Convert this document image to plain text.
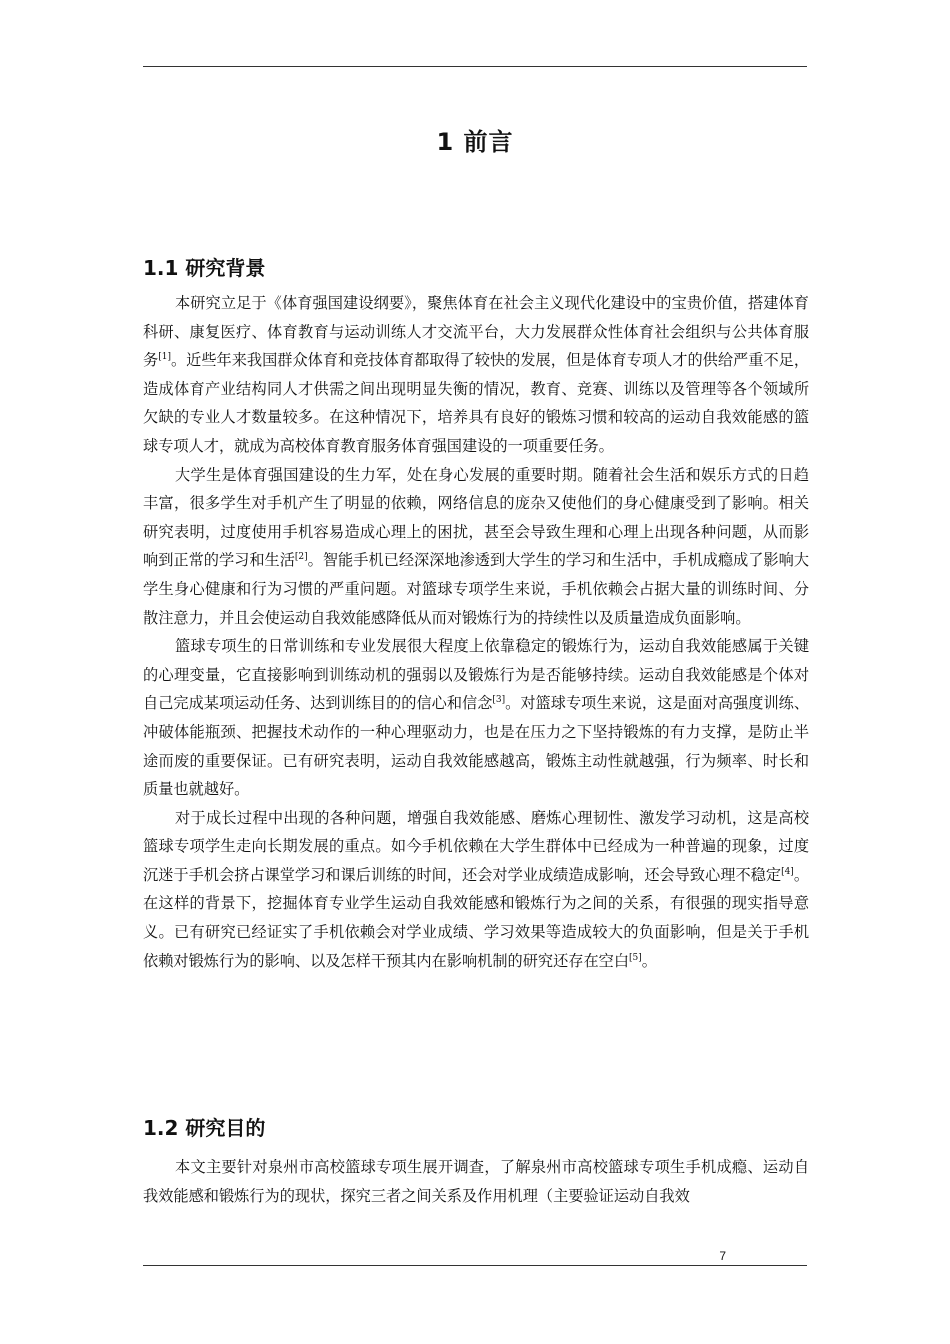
1 前言
1.1 研究背景

本研究立足于《体育强国建设纲要》，聚焦体育在社会主义现代化建设中的宝贵价值，搭建体育科研、康复医疗、体育教育与运动训练人才交流平台，大力发展群众性体育社会组织与公共体育服务[1]。近些年来我国群众体育和竞技体育都取得了较快的发展，但是体育专项人才的供给严重不足，造成体育产业结构同人才供需之间出现明显失衡的情况，教育、竞赛、训练以及管理等各个领域所欠缺的专业人才数量较多。在这种情况下，培养具有良好的锻炼习惯和较高的运动自我效能感的篮球专项人才，就成为高校体育教育服务体育强国建设的一项重要任务。

大学生是体育强国建设的生力军，处在身心发展的重要时期。随着社会生活和娱乐方式的日趋丰富，很多学生对手机产生了明显的依赖，网络信息的庞杂又使他们的身心健康受到了影响。相关研究表明，过度使用手机容易造成心理上的困扰，甚至会导致生理和心理上出现各种问题，从而影响到正常的学习和生活[2]。智能手机已经深深地渗透到大学生的学习和生活中，手机成瘾成了影响大学生身心健康和行为习惯的严重问题。对篮球专项学生来说，手机依赖会占据大量的训练时间、分散注意力，并且会使运动自我效能感降低从而对锻炼行为的持续性以及质量造成负面影响。

篮球专项生的日常训练和专业发展很大程度上依靠稳定的锻炼行为，运动自我效能感属于关键的心理变量，它直接影响到训练动机的强弱以及锻炼行为是否能够持续。运动自我效能感是个体对自己完成某项运动任务、达到训练目的的信心和信念[3]。对篮球专项生来说，这是面对高强度训练、冲破体能瓶颈、把握技术动作的一种心理驱动力，也是在压力之下坚持锻炼的有力支撑，是防止半途而废的重要保证。已有研究表明，运动自我效能感越高，锻炼主动性就越强，行为频率、时长和质量也就越好。

对于成长过程中出现的各种问题，增强自我效能感、磨炼心理韧性、激发学习动机，这是高校篮球专项学生走向长期发展的重点。如今手机依赖在大学生群体中已经成为一种普遍的现象，过度沉迷于手机会挤占课堂学习和课后训练的时间，还会对学业成绩造成影响，还会导致心理不稳定[4]。在这样的背景下，挖掘体育专业学生运动自我效能感和锻炼行为之间的关系，有很强的现实指导意义。已有研究已经证实了手机依赖会对学业成绩、学习效果等造成较大的负面影响，但是关于手机依赖对锻炼行为的影响、以及怎样干预其内在影响机制的研究还存在空白[5]。

1.2 研究目的

本文主要针对泉州市高校篮球专项生展开调查，了解泉州市高校篮球专项生手机成瘾、运动自我效能感和锻炼行为的现状，探究三者之间关系及作用机理（主要验证运动自我效

7
